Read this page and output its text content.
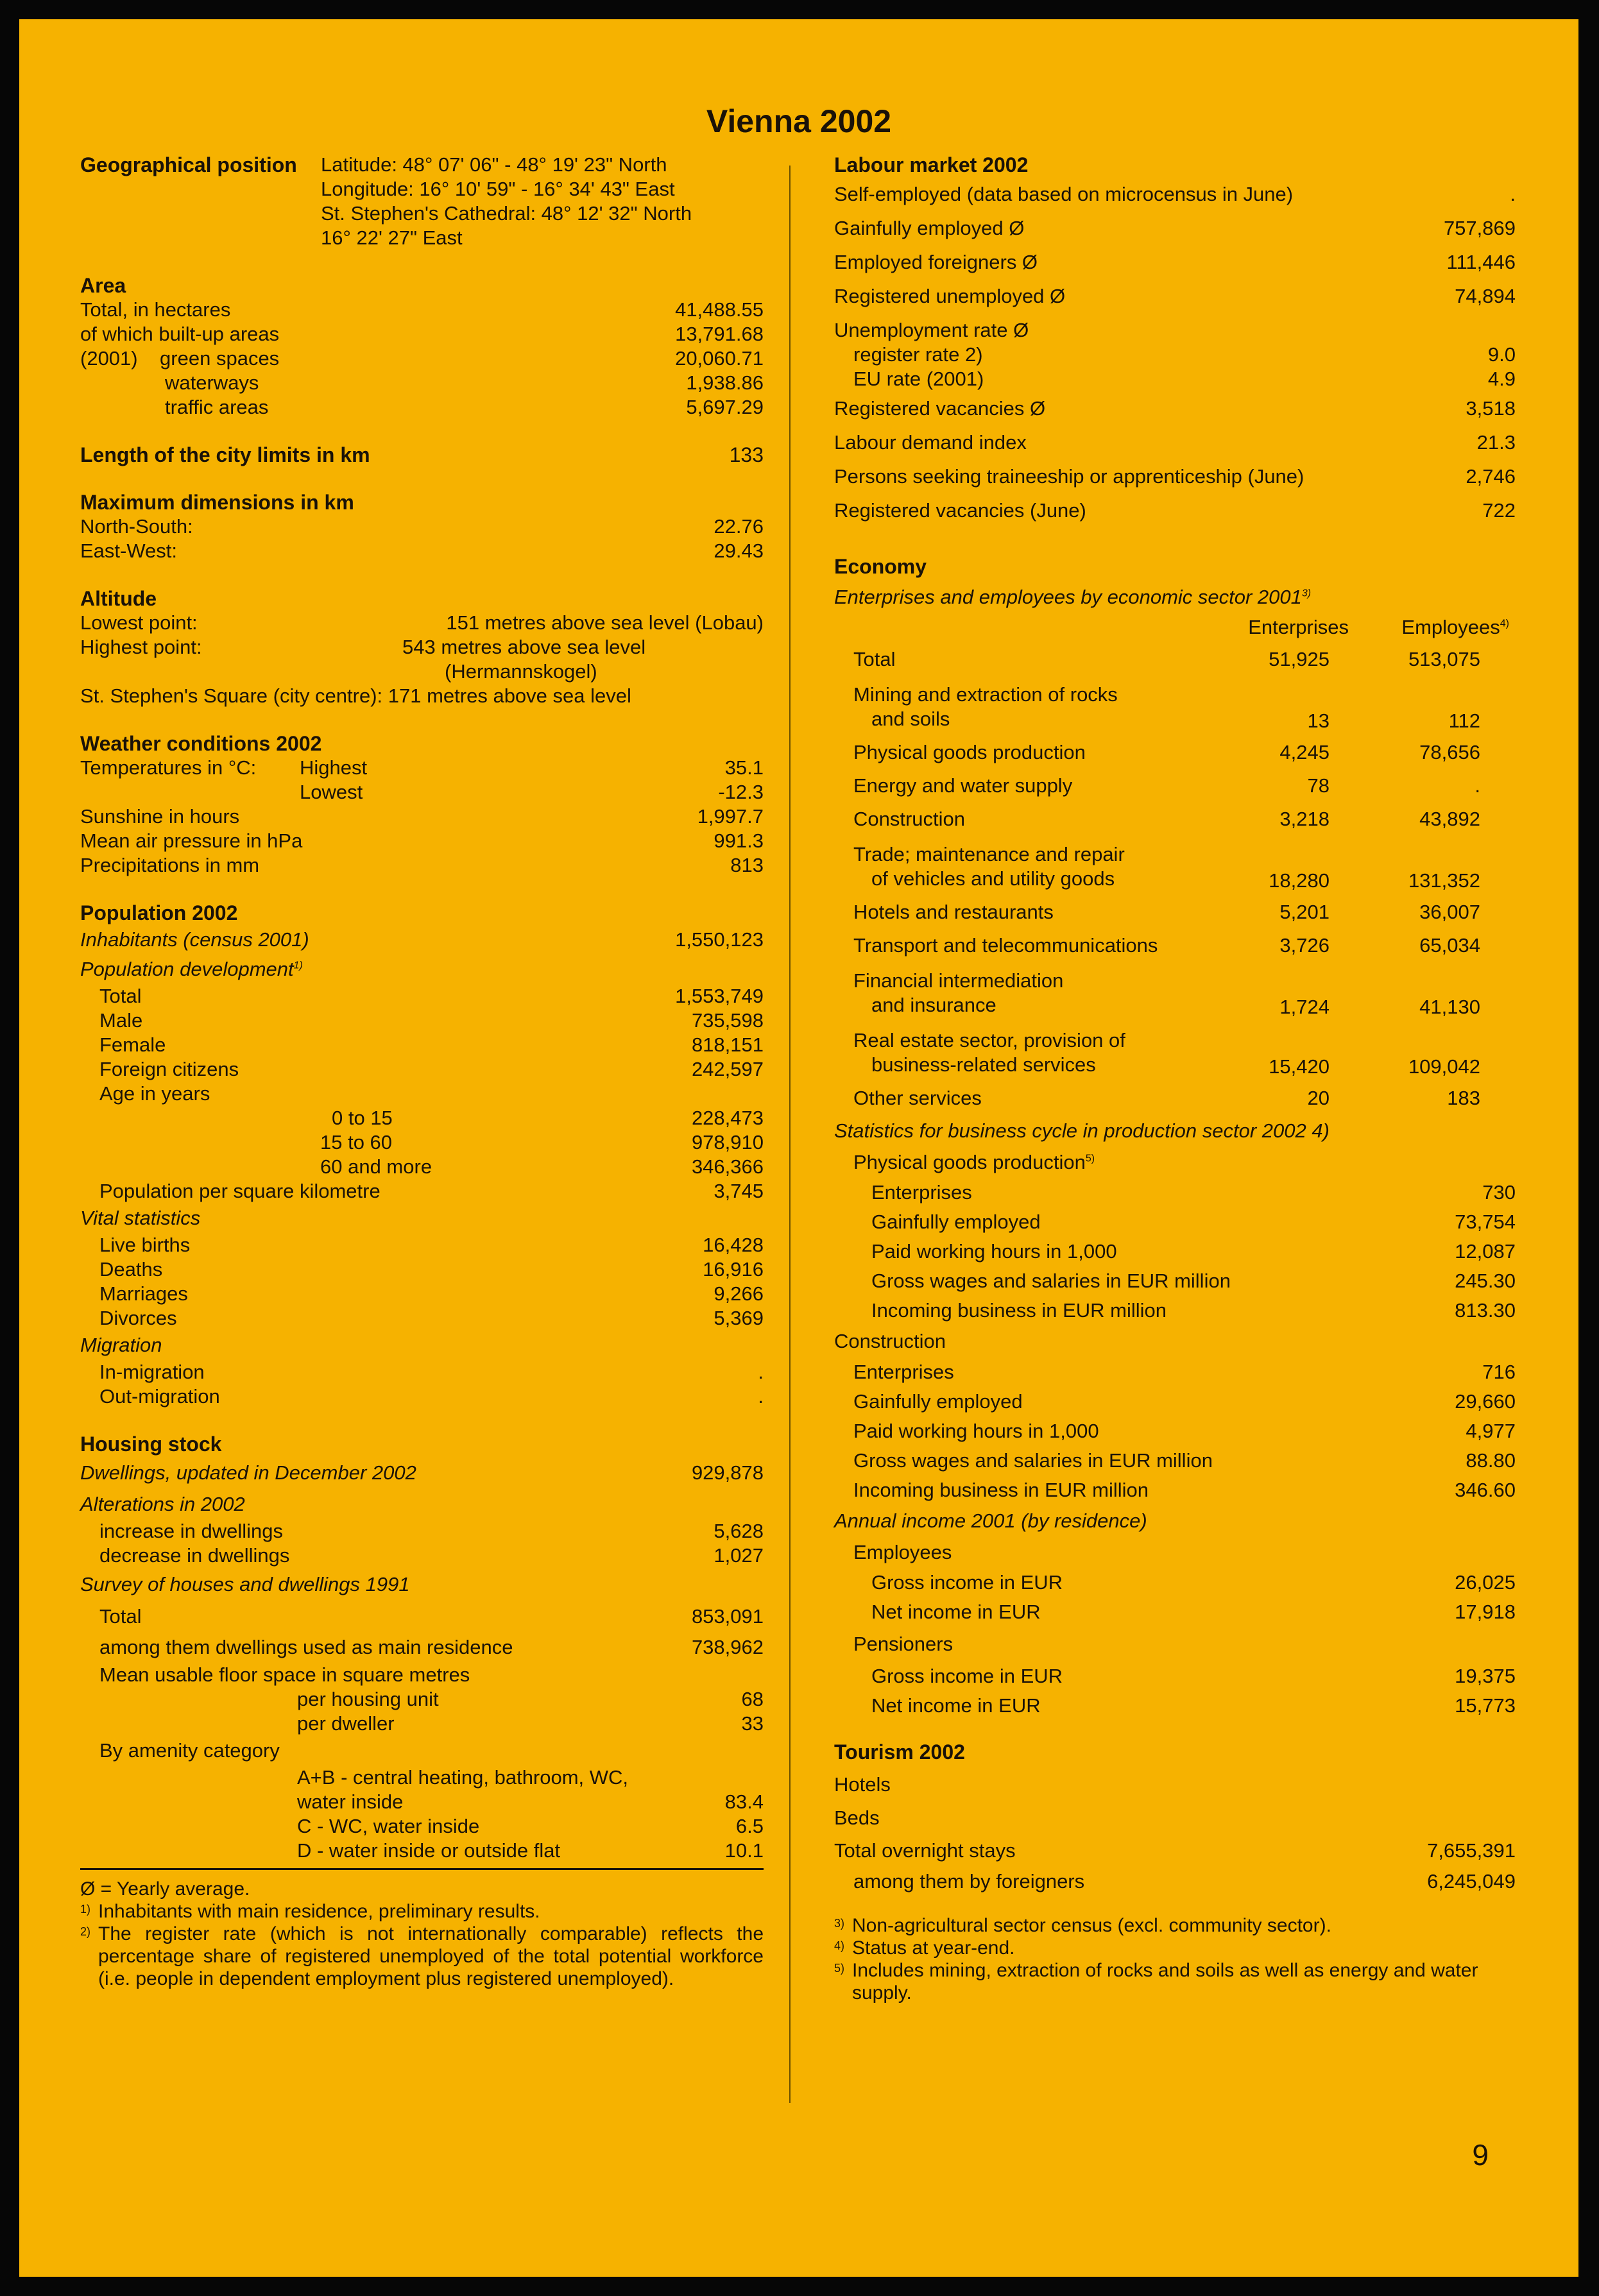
Vienna 2002
Geographical position	Latitude: 48° 07' 06" - 48° 19' 23" North
Longitude: 16° 10' 59" - 16° 34' 43" East
St. Stephen's Cathedral: 48° 12' 32" North
16° 22' 27" East
Area
Total, in hectares	41,488.55
of which built-up areas	13,791.68
(2001)    green spaces	20,060.71
waterways	1,938.86
traffic areas	5,697.29
Length of the city limits in km	133
Maximum dimensions in km
North-South:	22.76
East-West:	29.43
Altitude
Lowest point:	151 metres above sea level (Lobau)
Highest point:	543 metres above sea level
(Hermannskogel)
St. Stephen's Square (city centre): 171 metres above sea level
Weather conditions 2002
Temperatures in °C: Highest	35.1
Lowest	-12.3
Sunshine in hours	1,997.7
Mean air pressure in hPa	991.3
Precipitations in mm	813
Population 2002
Inhabitants (census 2001)	1,550,123
Population development$^{1)}$
Total	1,553,749
Male	735,598
Female	818,151
Foreign citizens	242,597
Age in years
0 to 15	228,473
15 to 60	978,910
60 and more	346,366
Population per square kilometre	3,745
Vital statistics
Live births	16,428
Deaths	16,916
Marriages	9,266
Divorces	5,369
Migration
In-migration	.
Out-migration	.
Housing stock
Dwellings, updated in December 2002	929,878
Alterations in 2002
increase in dwellings	5,628
decrease in dwellings	1,027
Survey of houses and dwellings 1991
Total	853,091
among them dwellings used as main residence	738,962
Mean usable floor space in square metres
per housing unit	68
per dweller	33
By amenity category
A+B - central heating, bathroom, WC,
water inside	83.4
C - WC, water inside	6.5
D - water inside or outside flat	10.1
Ø = Yearly average.
1) Inhabitants with main residence, preliminary results.
2) The register rate (which is not internationally comparable) reflects the percentage share of registered unemployed of the total potential workforce (i.e. people in dependent employment plus registered unemployed).
Labour market 2002
Self-employed (data based on microcensus in June)	.
Gainfully employed Ø	757,869
Employed foreigners Ø	111,446
Registered unemployed Ø	74,894
Unemployment rate Ø
register rate 2)	9.0
EU rate (2001)	4.9
Registered vacancies Ø	3,518
Labour demand index	21.3
Persons seeking traineeship or apprenticeship (June)	2,746
Registered vacancies (June)	722
Economy
Enterprises and employees by economic sector 2001$^{3)}$
Enterprises	Employees$^{4)}$
Total	51,925	513,075
Mining and extraction of rocks
and soils	13	112
Physical goods production	4,245	78,656
Energy and water supply	78	.
Construction	3,218	43,892
Trade; maintenance and repair
of vehicles and utility goods	18,280	131,352
Hotels and restaurants	5,201	36,007
Transport and telecommunications	3,726	65,034
Financial intermediation
and insurance	1,724	41,130
Real estate sector, provision of
business-related services	15,420	109,042
Other services	20	183
Statistics for business cycle in production sector 2002 4)
Physical goods production$^{5)}$
Enterprises	730
Gainfully employed	73,754
Paid working hours in 1,000	12,087
Gross wages and salaries in EUR million	245.30
Incoming business in EUR million	813.30
Construction
Enterprises	716
Gainfully employed	29,660
Paid working hours in 1,000	4,977
Gross wages and salaries in EUR million	88.80
Incoming business in EUR million	346.60
Annual income 2001 (by residence)
Employees
Gross income in EUR	26,025
Net income in EUR	17,918
Pensioners
Gross income in EUR	19,375
Net income in EUR	15,773
Tourism 2002
Hotels
Beds
Total overnight stays	7,655,391
among them by foreigners	6,245,049
3) Non-agricultural sector census (excl. community sector).
4) Status at year-end.
5) Includes mining, extraction of rocks and soils as well as energy and water supply.
9
